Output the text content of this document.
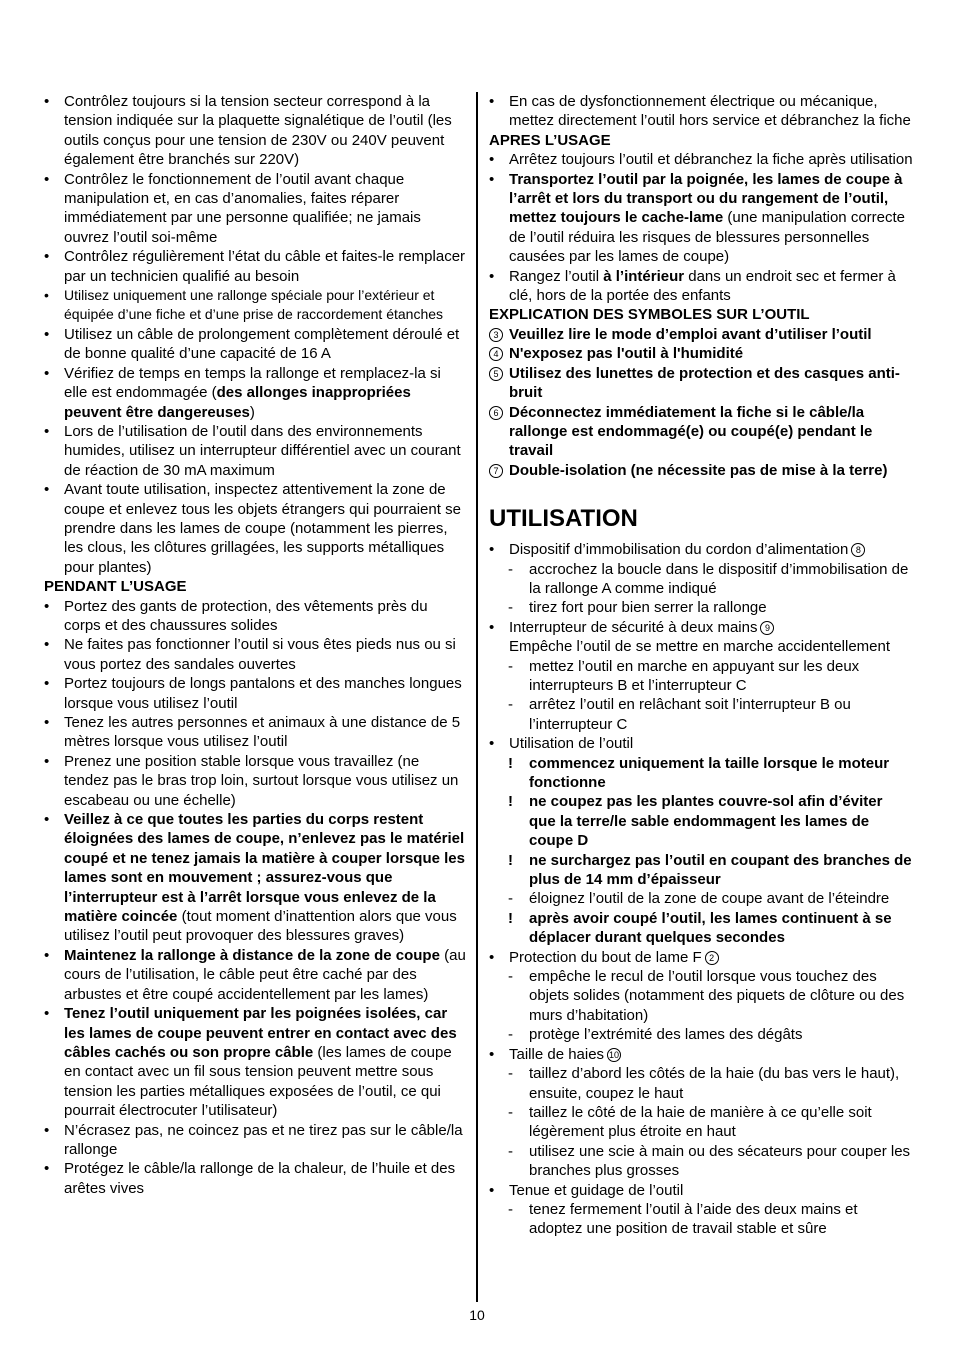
• Contrôlez toujours si la tension secteur correspond à la tension indiquée sur la plaquette signalétique de l’outil (les outils conçus pour une tension de 230V ou 240V peuvent également être branchés sur 220V)
• Contrôlez le fonctionnement de l’outil avant chaque manipulation et, en cas d’anomalies, faites réparer immédiatement par une personne qualifiée; ne jamais ouvrez l’outil soi-même
• Contrôlez régulièrement l’état du câble et faites-le remplacer par un technicien qualifié au besoin
• Utilisez uniquement une rallonge spéciale pour l’extérieur et équipée d’une fiche et d’une prise de raccordement étanches
• Utilisez un câble de prolongement complètement déroulé et de bonne qualité d’une capacité de 16 A
• Vérifiez de temps en temps la rallonge et remplacez-la si elle est endommagée (des allonges inappropriées peuvent être dangereuses)
• Lors de l’utilisation de l’outil dans des environnements humides, utilisez un interrupteur différentiel avec un courant de réaction de 30 mA maximum
• Avant toute utilisation, inspectez attentivement la zone de coupe et enlevez tous les objets étrangers qui pourraient se prendre dans les lames de coupe (notamment les pierres, les clous, les clôtures grillagées, les supports métalliques pour plantes)
PENDANT L’USAGE
• Portez des gants de protection, des vêtements près du corps et des chaussures solides
• Ne faites pas fonctionner l’outil si vous êtes pieds nus ou si vous portez des sandales ouvertes
• Portez toujours de longs pantalons et des manches longues lorsque vous utilisez l’outil
• Tenez les autres personnes et animaux à une distance de 5 mètres lorsque vous utilisez l’outil
• Prenez une position stable lorsque vous travaillez (ne tendez pas le bras trop loin, surtout lorsque vous utilisez un escabeau ou une échelle)
• Veillez à ce que toutes les parties du corps restent éloignées des lames de coupe, n’enlevez pas le matériel coupé et ne tenez jamais la matière à couper lorsque les lames sont en mouvement ; assurez-vous que l’interrupteur est à l’arrêt lorsque vous enlevez de la matière coincée (tout moment d’inattention alors que vous utilisez l’outil peut provoquer des blessures graves)
• Maintenez la rallonge à distance de la zone de coupe (au cours de l’utilisation, le câble peut être caché par des arbustes et être coupé accidentellement par les lames)
• Tenez l’outil uniquement par les poignées isolées, car les lames de coupe peuvent entrer en contact avec des câbles cachés ou son propre câble (les lames de coupe en contact avec un fil sous tension peuvent mettre sous tension les parties métalliques exposées de l’outil, ce qui pourrait électrocuter l’utilisateur)
• N’écrasez pas, ne coincez pas et ne tirez pas sur le câble/la rallonge
• Protégez le câble/la rallonge de la chaleur, de l’huile et des arêtes vives
• En cas de dysfonctionnement électrique ou mécanique, mettez directement l’outil hors service et débranchez la fiche
APRES L’USAGE
• Arrêtez toujours l’outil et débranchez la fiche après utilisation
• Transportez l’outil par la poignée, les lames de coupe à l’arrêt et lors du transport ou du rangement de l’outil, mettez toujours le cache-lame (une manipulation correcte de l’outil réduira les risques de blessures personnelles causées par les lames de coupe)
• Rangez l’outil à l’intérieur dans un endroit sec et fermer à clé, hors de la portée des enfants
EXPLICATION DES SYMBOLES SUR L’OUTIL
3 Veuillez lire le mode d’emploi avant d’utiliser l’outil
4 N'exposez pas l'outil à l'humidité
5 Utilisez des lunettes de protection et des casques anti-bruit
6 Déconnectez immédiatement la fiche si le câble/la rallonge est endommagé(e) ou coupé(e) pendant le travail
7 Double-isolation (ne nécessite pas de mise à la terre)
UTILISATION
• Dispositif d’immobilisation du cordon d’alimentation 8
- accrochez la boucle dans le dispositif d’immobilisation de la rallonge A comme indiqué
- tirez fort pour bien serrer la rallonge
• Interrupteur de sécurité à deux mains 9
Empêche l’outil de se mettre en marche accidentellement
- mettez l’outil en marche en appuyant sur les deux interrupteurs B et l’interrupteur C
- arrêtez l’outil en relâchant soit l’interrupteur B ou l’interrupteur C
• Utilisation de l’outil
! commencez uniquement la taille lorsque le moteur fonctionne
! ne coupez pas les plantes couvre-sol afin d’éviter que la terre/le sable endommagent les lames de coupe D
! ne surchargez pas l’outil en coupant des branches de plus de 14 mm d’épaisseur
- éloignez l’outil de la zone de coupe avant de l’éteindre
! après avoir coupé l’outil, les lames continuent à se déplacer durant quelques secondes
• Protection du bout de lame F 2
- empêche le recul de l’outil lorsque vous touchez des objets solides (notamment des piquets de clôture ou des murs d’habitation)
- protège l’extrémité des lames des dégâts
• Taille de haies 10
- taillez d’abord les côtés de la haie (du bas vers le haut), ensuite, coupez le haut
- taillez le côté de la haie de manière à ce qu’elle soit légèrement plus étroite en haut
- utilisez une scie à main ou des sécateurs pour couper les branches plus grosses
• Tenue et guidage de l’outil
- tenez fermement l’outil à l’aide des deux mains et adoptez une position de travail stable et sûre
10
